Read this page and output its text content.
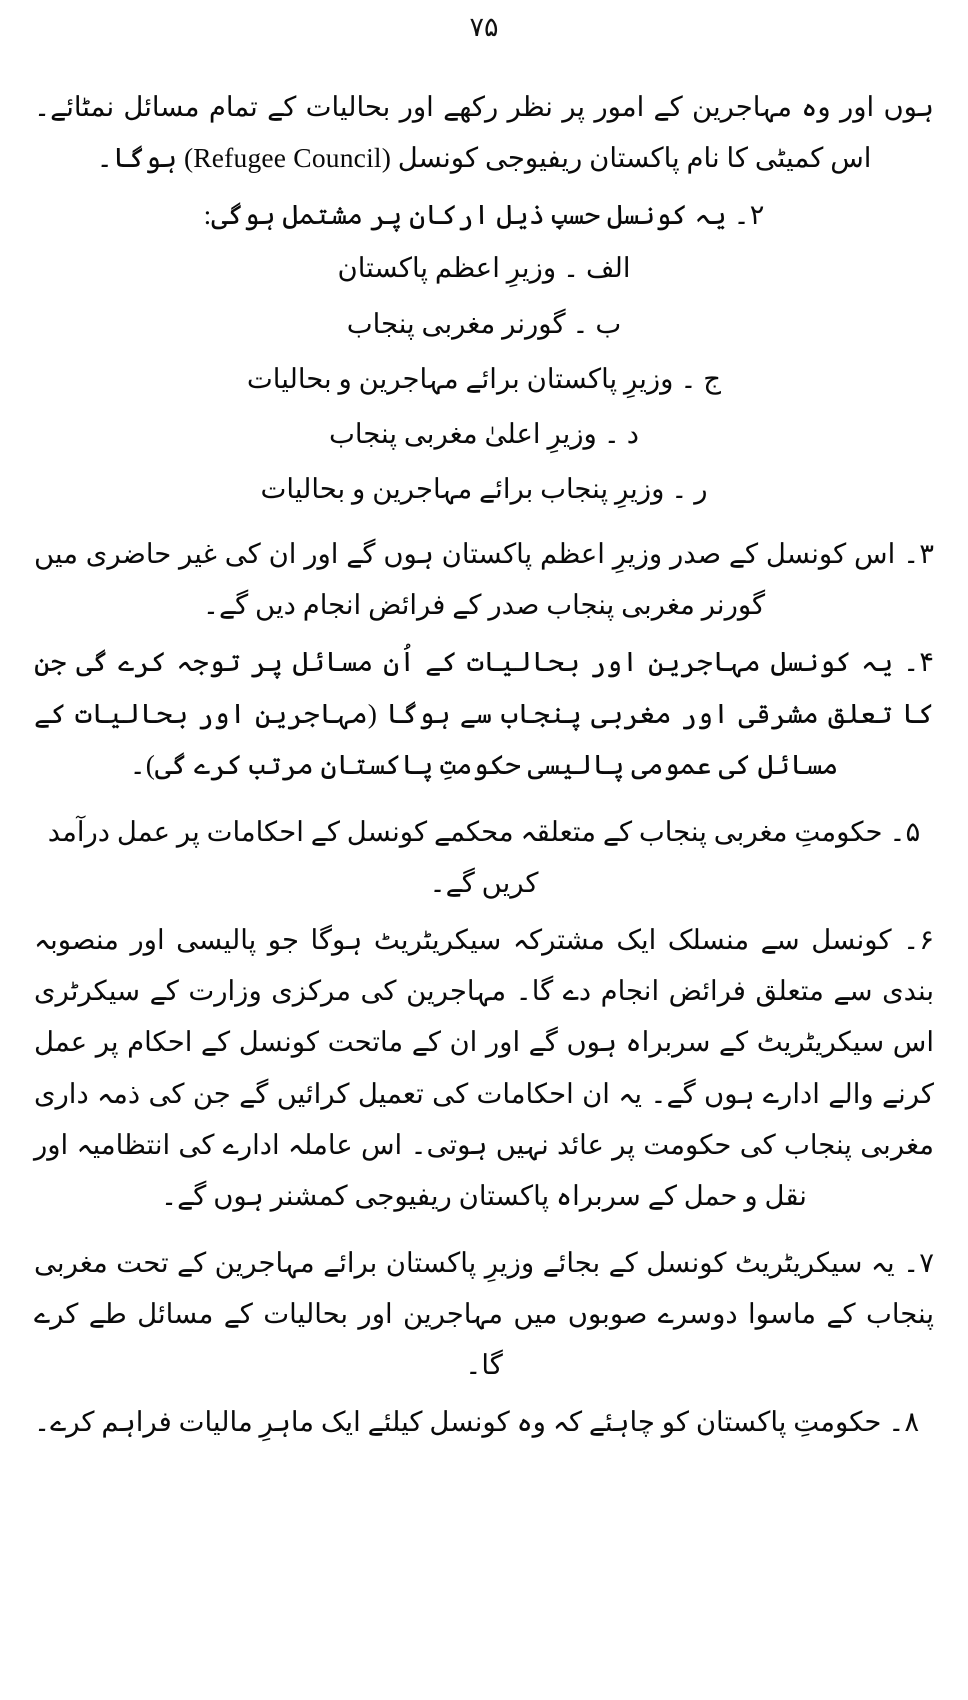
۷۵

ہوں اور وہ مہاجرین کے امور پر نظر رکھے اور بحالیات کے تمام مسائل نمٹائے۔ اس کمیٹی کا نام پاکستان ریفیوجی کونسل (Refugee Council) ہوگا۔

۲۔ یہ کونسل حسبِ ذیل ارکان پر مشتمل ہوگی:

الف ۔ وزیرِ اعظم پاکستان
ب ۔ گورنر مغربی پنجاب
ج ۔ وزیرِ پاکستان برائے مہاجرین و بحالیات
د ۔ وزیرِ اعلیٰ مغربی پنجاب
ر ۔ وزیرِ پنجاب برائے مہاجرین و بحالیات

۳۔ اس کونسل کے صدر وزیرِ اعظم پاکستان ہوں گے اور ان کی غیر حاضری میں گورنر مغربی پنجاب صدر کے فرائض انجام دیں گے۔

۴۔ یہ کونسل مہاجرین اور بحالیات کے اُن مسائل پر توجہ کرے گی جن کا تعلق مشرقی اور مغربی پنجاب سے ہوگا (مہاجرین اور بحالیات کے مسائل کی عمومی پالیسی حکومتِ پاکستان مرتب کرے گی)۔

۵۔ حکومتِ مغربی پنجاب کے متعلقہ محکمے کونسل کے احکامات پر عمل درآمد کریں گے۔

۶۔ کونسل سے منسلک ایک مشترکہ سیکریٹریٹ ہوگا جو پالیسی اور منصوبہ بندی سے متعلق فرائض انجام دے گا۔ مہاجرین کی مرکزی وزارت کے سیکرٹری اس سیکریٹریٹ کے سربراہ ہوں گے اور ان کے ماتحت کونسل کے احکام پر عمل کرنے والے ادارے ہوں گے۔ یہ ان احکامات کی تعمیل کرائیں گے جن کی ذمہ داری مغربی پنجاب کی حکومت پر عائد نہیں ہوتی۔ اس عاملہ ادارے کی انتظامیہ اور نقل و حمل کے سربراہ پاکستان ریفیوجی کمشنر ہوں گے۔

۷۔ یہ سیکریٹریٹ کونسل کے بجائے وزیرِ پاکستان برائے مہاجرین کے تحت مغربی پنجاب کے ماسوا دوسرے صوبوں میں مہاجرین اور بحالیات کے مسائل طے کرے گا۔

۸۔ حکومتِ پاکستان کو چاہئے کہ وہ کونسل کیلئے ایک ماہرِ مالیات فراہم کرے۔
